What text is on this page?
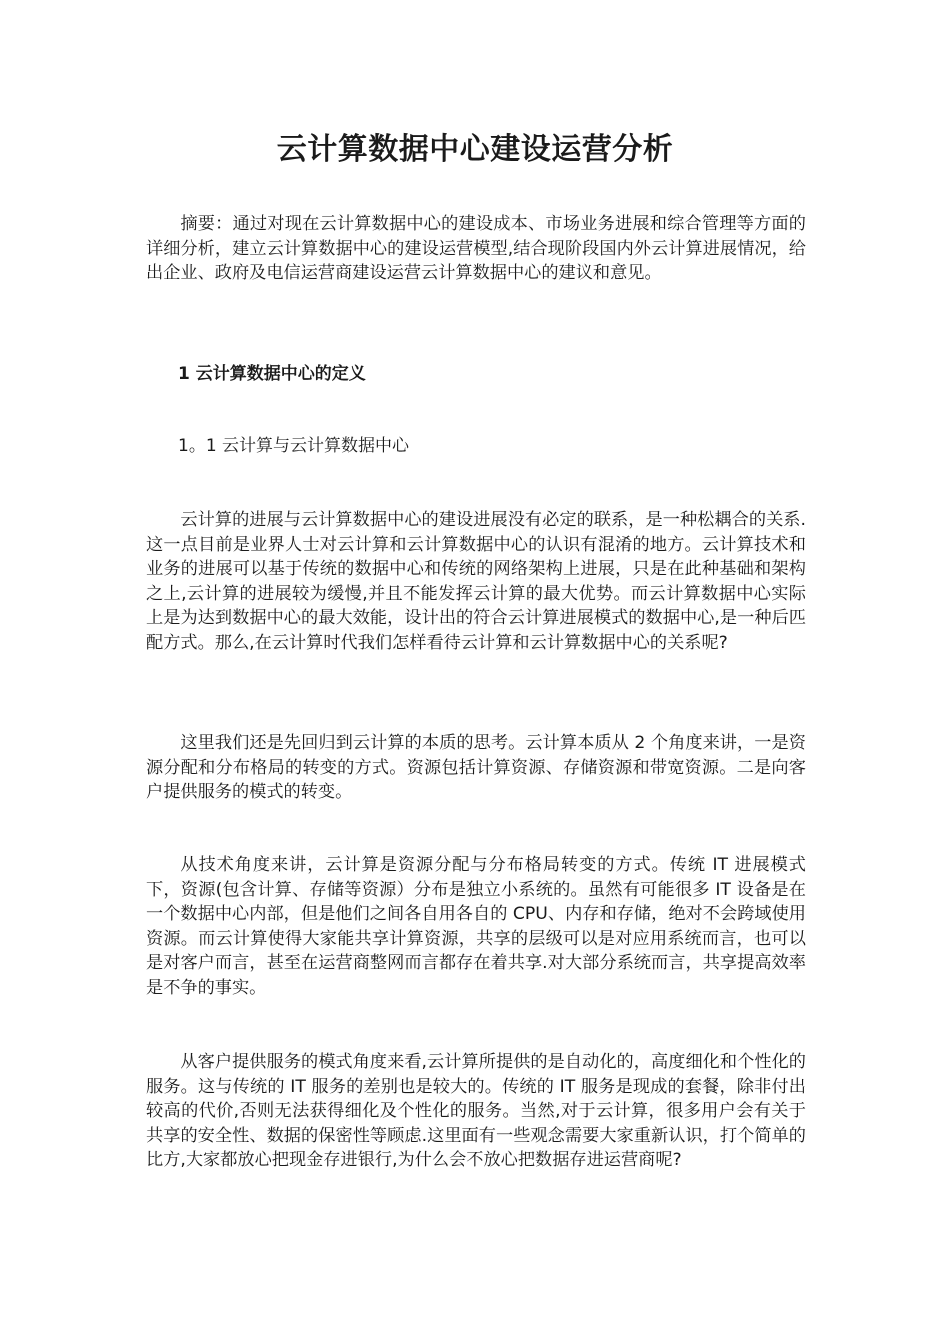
云计算数据中心建设运营分析

摘要：通过对现在云计算数据中心的建设成本、市场业务进展和综合管理等方面的详细分析，建立云计算数据中心的建设运营模型,结合现阶段国内外云计算进展情况，给出企业、政府及电信运营商建设运营云计算数据中心的建议和意见。

1 云计算数据中心的定义

1。1 云计算与云计算数据中心

云计算的进展与云计算数据中心的建设进展没有必定的联系，是一种松耦合的关系.这一点目前是业界人士对云计算和云计算数据中心的认识有混淆的地方。云计算技术和业务的进展可以基于传统的数据中心和传统的网络架构上进展，只是在此种基础和架构之上,云计算的进展较为缓慢,并且不能发挥云计算的最大优势。而云计算数据中心实际上是为达到数据中心的最大效能，设计出的符合云计算进展模式的数据中心,是一种后匹配方式。那么,在云计算时代我们怎样看待云计算和云计算数据中心的关系呢?

这里我们还是先回归到云计算的本质的思考。云计算本质从 2 个角度来讲，一是资源分配和分布格局的转变的方式。资源包括计算资源、存储资源和带宽资源。二是向客户提供服务的模式的转变。

从技术角度来讲，云计算是资源分配与分布格局转变的方式。传统 IT 进展模式下，资源(包含计算、存储等资源）分布是独立小系统的。虽然有可能很多 IT 设备是在一个数据中心内部，但是他们之间各自用各自的 CPU、内存和存储，绝对不会跨域使用资源。而云计算使得大家能共享计算资源，共享的层级可以是对应用系统而言，也可以是对客户而言，甚至在运营商整网而言都存在着共享.对大部分系统而言，共享提高效率是不争的事实。

从客户提供服务的模式角度来看,云计算所提供的是自动化的，高度细化和个性化的服务。这与传统的 IT 服务的差别也是较大的。传统的 IT 服务是现成的套餐，除非付出较高的代价,否则无法获得细化及个性化的服务。当然,对于云计算，很多用户会有关于共享的安全性、数据的保密性等顾虑.这里面有一些观念需要大家重新认识，打个简单的比方,大家都放心把现金存进银行,为什么会不放心把数据存进运营商呢?
